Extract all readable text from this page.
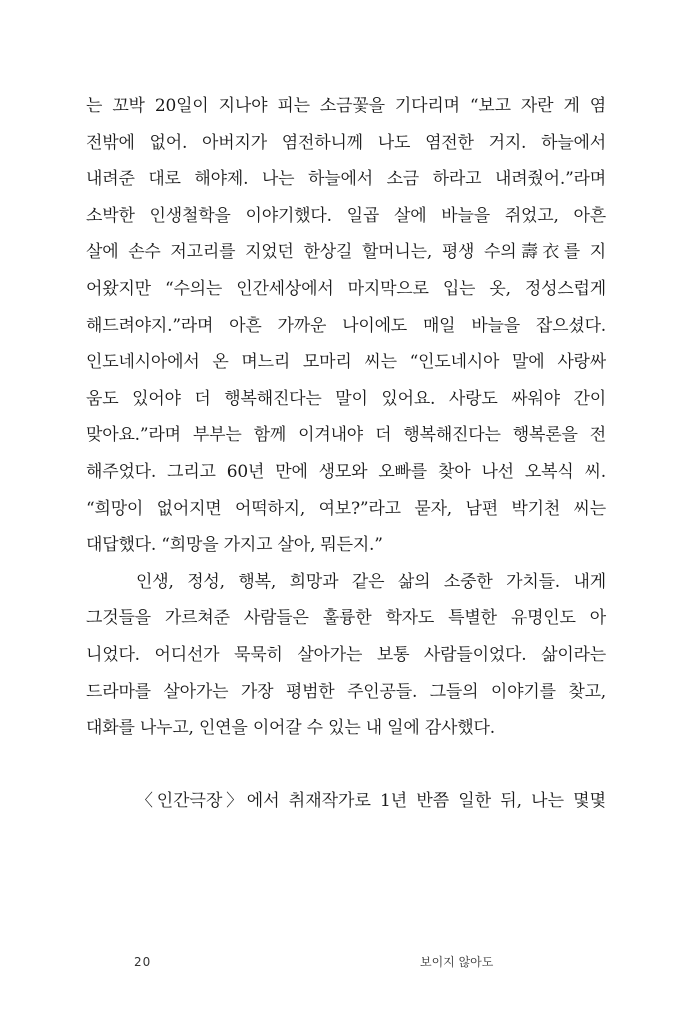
는 꼬박 20일이 지나야 피는 소금꽃을 기다리며 “보고 자란 게 염
전밖에 없어. 아버지가 염전하니께 나도 염전한 거지. 하늘에서
내려준 대로 해야제. 나는 하늘에서 소금 하라고 내려줬어.”라며
소박한 인생철학을 이야기했다. 일곱 살에 바늘을 쥐었고, 아흔
살에 손수 저고리를 지었던 한상길 할머니는, 평생 수의壽衣를 지
어왔지만 “수의는 인간세상에서 마지막으로 입는 옷, 정성스럽게
해드려야지.”라며 아흔 가까운 나이에도 매일 바늘을 잡으셨다.
인도네시아에서 온 며느리 모마리 씨는 “인도네시아 말에 사랑싸
움도 있어야 더 행복해진다는 말이 있어요. 사랑도 싸워야 간이
맞아요.”라며 부부는 함께 이겨내야 더 행복해진다는 행복론을 전
해주었다. 그리고 60년 만에 생모와 오빠를 찾아 나선 오복식 씨.
“희망이 없어지면 어떡하지, 여보?”라고 묻자, 남편 박기천 씨는
대답했다. “희망을 가지고 살아, 뭐든지.”
인생, 정성, 행복, 희망과 같은 삶의 소중한 가치들. 내게
그것들을 가르쳐준 사람들은 훌륭한 학자도 특별한 유명인도 아
니었다. 어디선가 묵묵히 살아가는 보통 사람들이었다. 삶이라는
드라마를 살아가는 가장 평범한 주인공들. 그들의 이야기를 찾고,
대화를 나누고, 인연을 이어갈 수 있는 내 일에 감사했다.
〈인간극장〉에서 취재작가로 1년 반쯤 일한 뒤, 나는 몇몇
20	보이지 않아도
